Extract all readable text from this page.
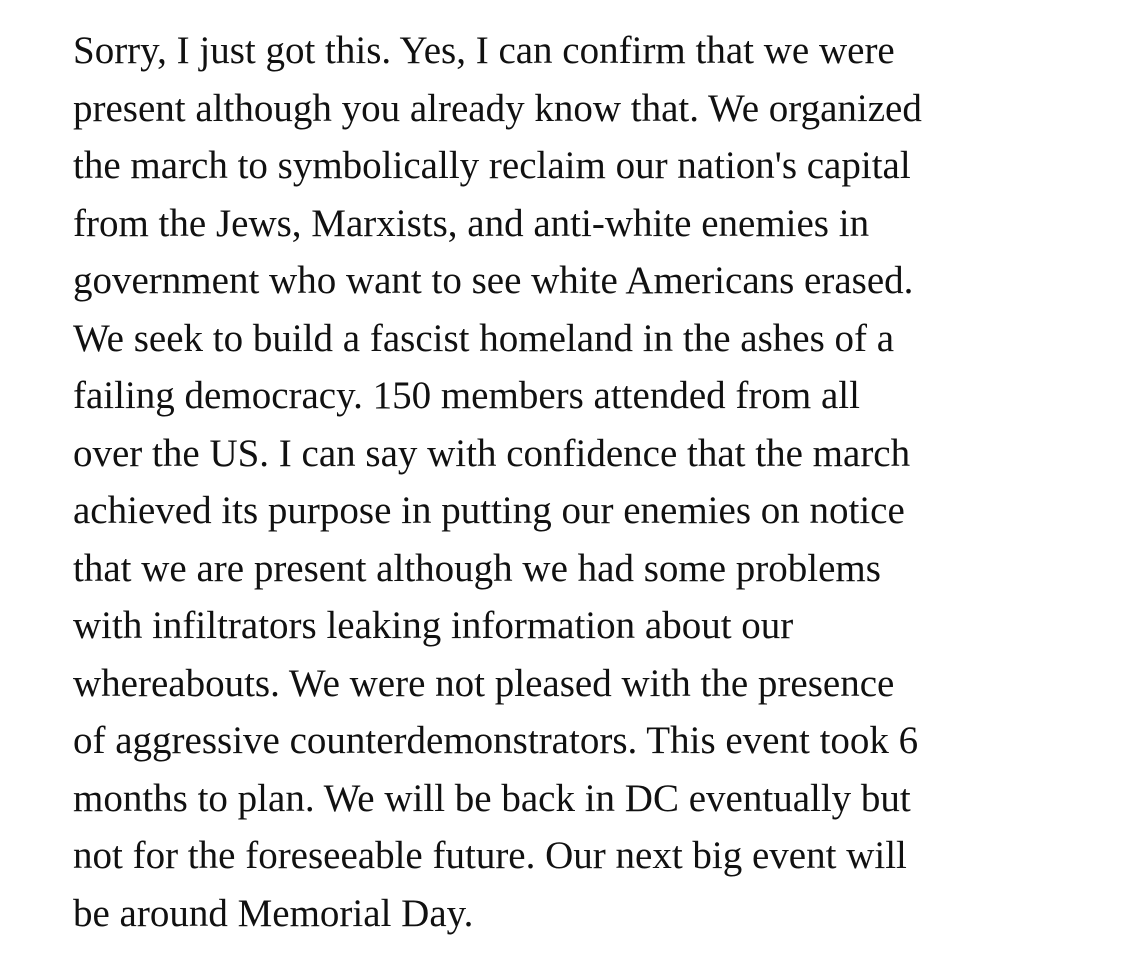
Sorry, I just got this. Yes, I can confirm that we were
present although you already know that. We organized
the march to symbolically reclaim our nation's capital
from the Jews, Marxists, and anti-white enemies in
government who want to see white Americans erased.
We seek to build a fascist homeland in the ashes of a
failing democracy. 150 members attended from all
over the US. I can say with confidence that the march
achieved its purpose in putting our enemies on notice
that we are present although we had some problems
with infiltrators leaking information about our
whereabouts. We were not pleased with the presence
of aggressive counterdemonstrators. This event took 6
months to plan. We will be back in DC eventually but
not for the foreseeable future. Our next big event will
be around Memorial Day.
